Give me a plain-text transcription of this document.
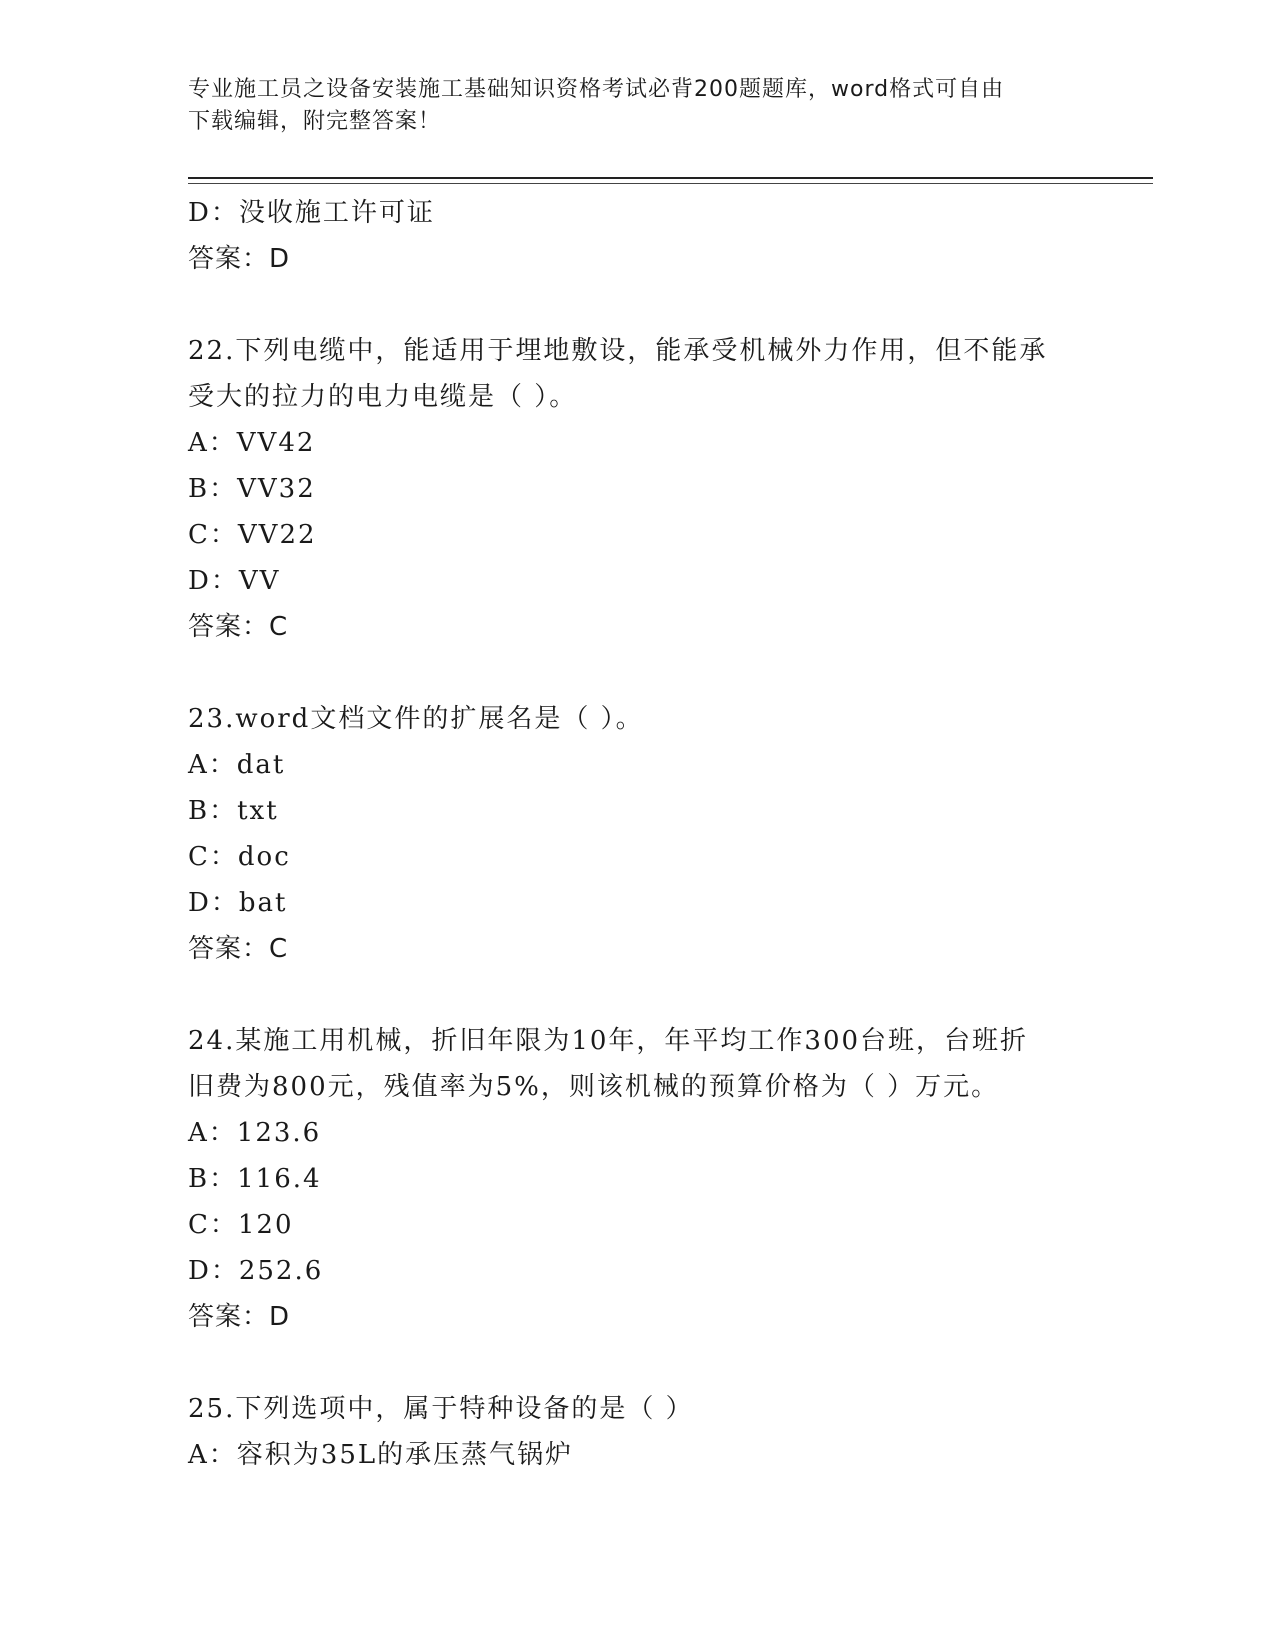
专业施工员之设备安装施工基础知识资格考试必背200题题库，word格式可自由
下载编辑，附完整答案！
D：没收施工许可证
答案：D
22.下列电缆中，能适用于埋地敷设，能承受机械外力作用，但不能承
受大的拉力的电力电缆是（ ）。
A：VV42
B：VV32
C：VV22
D：VV
答案：C
23.word文档文件的扩展名是（ ）。
A：dat
B：txt
C：doc
D：bat
答案：C
24.某施工用机械，折旧年限为10年，年平均工作300台班，台班折
旧费为800元，残值率为5%，则该机械的预算价格为（ ）万元。
A：123.6
B：116.4
C：120
D：252.6
答案：D
25.下列选项中，属于特种设备的是（ ）
A：容积为35L的承压蒸气锅炉
